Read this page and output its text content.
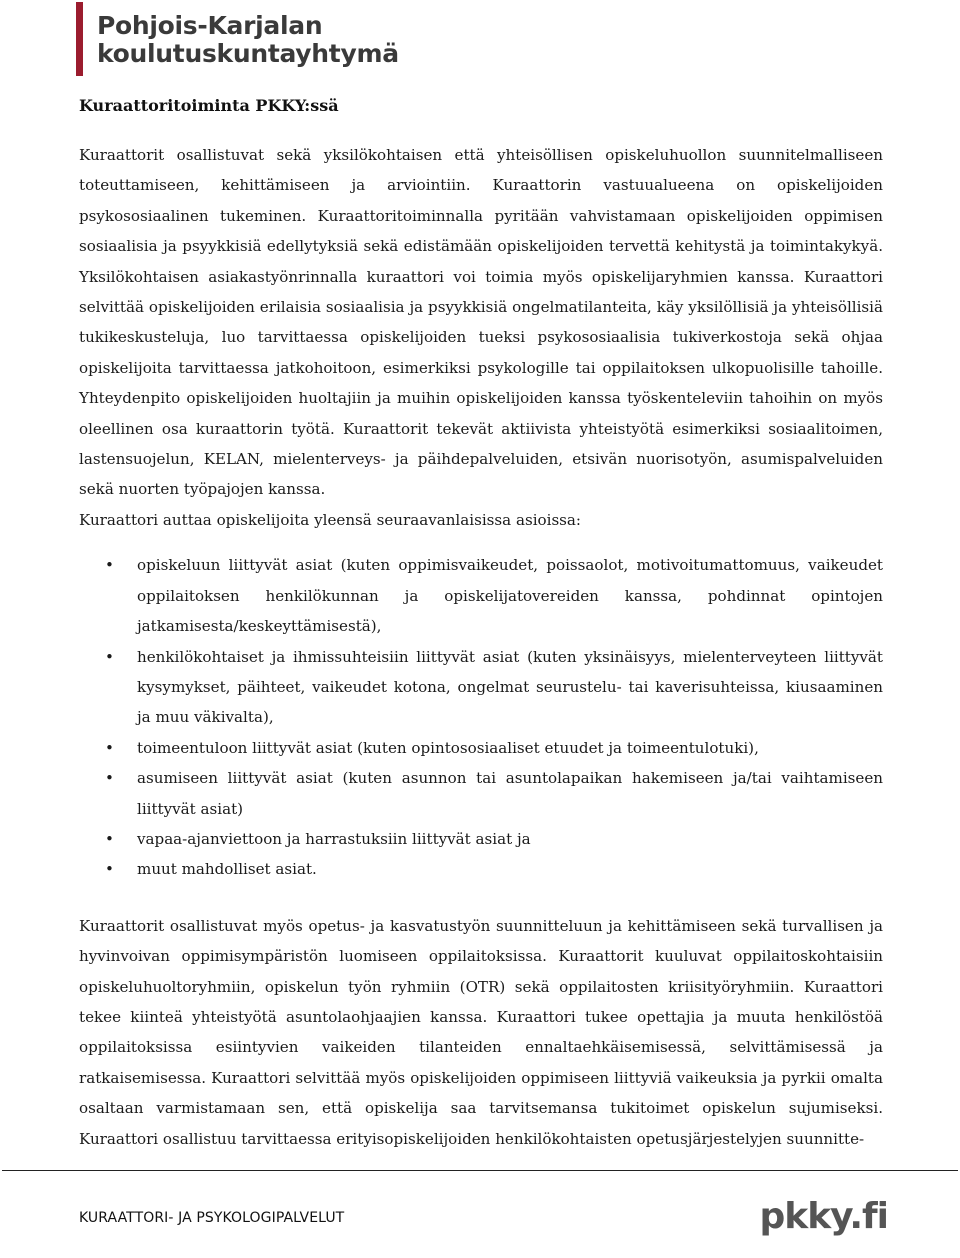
Pohjois-Karjalan
koulutuskuntayhtymä
Kuraattoritoiminta PKKY:ssä

Kuraattorit osallistuvat sekä yksilökohtaisen että yhteisöllisen opiskeluhuollon suunnitelmalliseen toteuttamiseen, kehittämiseen ja arviointiin. Kuraattorin vastuualueena on opiskelijoiden psykososiaalinen tukeminen. Kuraattoritoiminnalla pyritään vahvistamaan opiskelijoiden oppimisen sosiaalisia ja psyykkisiä edellytyksiä sekä edistämään opiskelijoiden tervettä kehitystä ja toimintakykyä. Yksilökohtaisen asiakastyönrinnalla kuraattori voi toimia myös opiskelijaryhmien kanssa. Kuraattori selvittää opiskelijoiden erilaisia sosiaalisia ja psyykkisiä ongelmatilanteita, käy yksilöllisiä ja yhteisöllisiä tukikeskusteluja, luo tarvittaessa opiskelijoiden tueksi psykososiaalisia tukiverkostoja sekä ohjaa opiskelijoita tarvittaessa jatkohoitoon, esimerkiksi psykologille tai oppilaitoksen ulkopuolisille tahoille. Yhteydenpito opiskelijoiden huoltajiin ja muihin opiskelijoiden kanssa työskenteleviin tahoihin on myös oleellinen osa kuraattorin työtä. Kuraattorit tekevät aktiivista yhteistyötä esimerkiksi sosiaalitoimen, lastensuojelun, KELAN, mielenterveys- ja päihdepalveluiden, etsivän nuorisotyön, asumispalveluiden sekä nuorten työpajojen kanssa.

Kuraattori auttaa opiskelijoita yleensä seuraavanlaisissa asioissa:

• opiskeluun liittyvät asiat (kuten oppimisvaikeudet, poissaolot, motivoitumattomuus, vaikeudet oppilaitoksen henkilökunnan ja opiskelijatovereiden kanssa, pohdinnat opintojen jatkamisesta/keskeyttämisestä),
• henkilökohtaiset ja ihmissuhteisiin liittyvät asiat (kuten yksinäisyys, mielenterveyteen liittyvät kysymykset, päihteet, vaikeudet kotona, ongelmat seurustelu- tai kaverisuhteissa, kiusaaminen ja muu väkivalta),
• toimeentuloon liittyvät asiat (kuten opintososiaaliset etuudet ja toimeentulotuki),
• asumiseen liittyvät asiat (kuten asunnon tai asuntolapaikan hakemiseen ja/tai vaihtamiseen liittyvät asiat)
• vapaa-ajanviettoon ja harrastuksiin liittyvät asiat ja
• muut mahdolliset asiat.

Kuraattorit osallistuvat myös opetus- ja kasvatustyön suunnitteluun ja kehittämiseen sekä turvallisen ja hyvinvoivan oppimisympäristön luomiseen oppilaitoksissa. Kuraattorit kuuluvat oppilaitoskohtaisiin opiskeluhuoltoryhmiin, opiskelun työn ryhmiin (OTR) sekä oppilaitosten kriisityöryhmiin. Kuraattori tekee kiinteä yhteistyötä asuntolaohjaajien kanssa. Kuraattori tukee opettajia ja muuta henkilöstöä oppilaitoksissa esiintyvien vaikeiden tilanteiden ennaltaehkäisemisessä, selvittämisessä ja ratkaisemisessa. Kuraattori selvittää myös opiskelijoiden oppimiseen liittyviä vaikeuksia ja pyrkii omalta osaltaan varmistamaan sen, että opiskelija saa tarvitsemansa tukitoimet opiskelun sujumiseksi. Kuraattori osallistuu tarvittaessa erityisopiskelijoiden henkilökohtaisten opetusjärjestelyjen suunnitte-

KURAATTORI- JA PSYKOLOGIPALVELUT	pkky.fi
